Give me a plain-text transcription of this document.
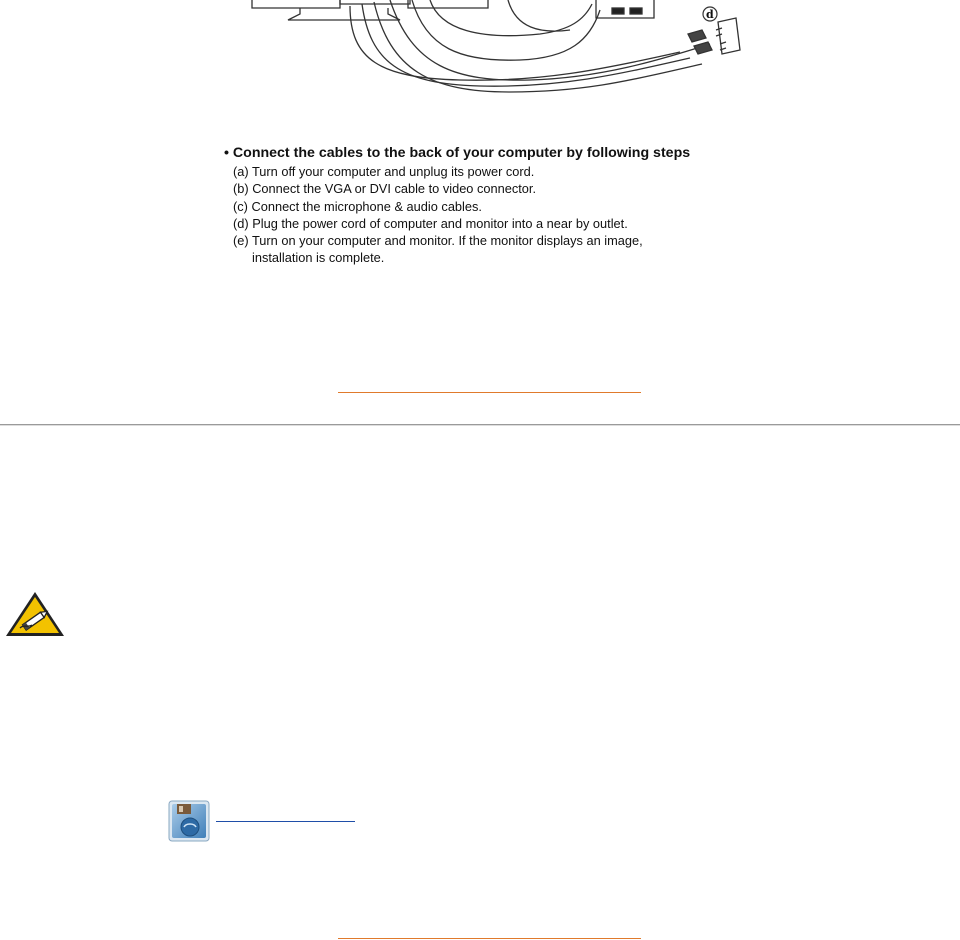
d

• Connect the cables to the back of your computer by following steps

(a) Turn off your computer and unplug its power cord.
(b) Connect the VGA or DVI cable to video connector.
(c) Connect the microphone & audio cables.
(d) Plug the power cord of computer and monitor into a near by outlet.
(e) Turn on your computer and monitor. If the monitor displays an image,
installation is complete.
